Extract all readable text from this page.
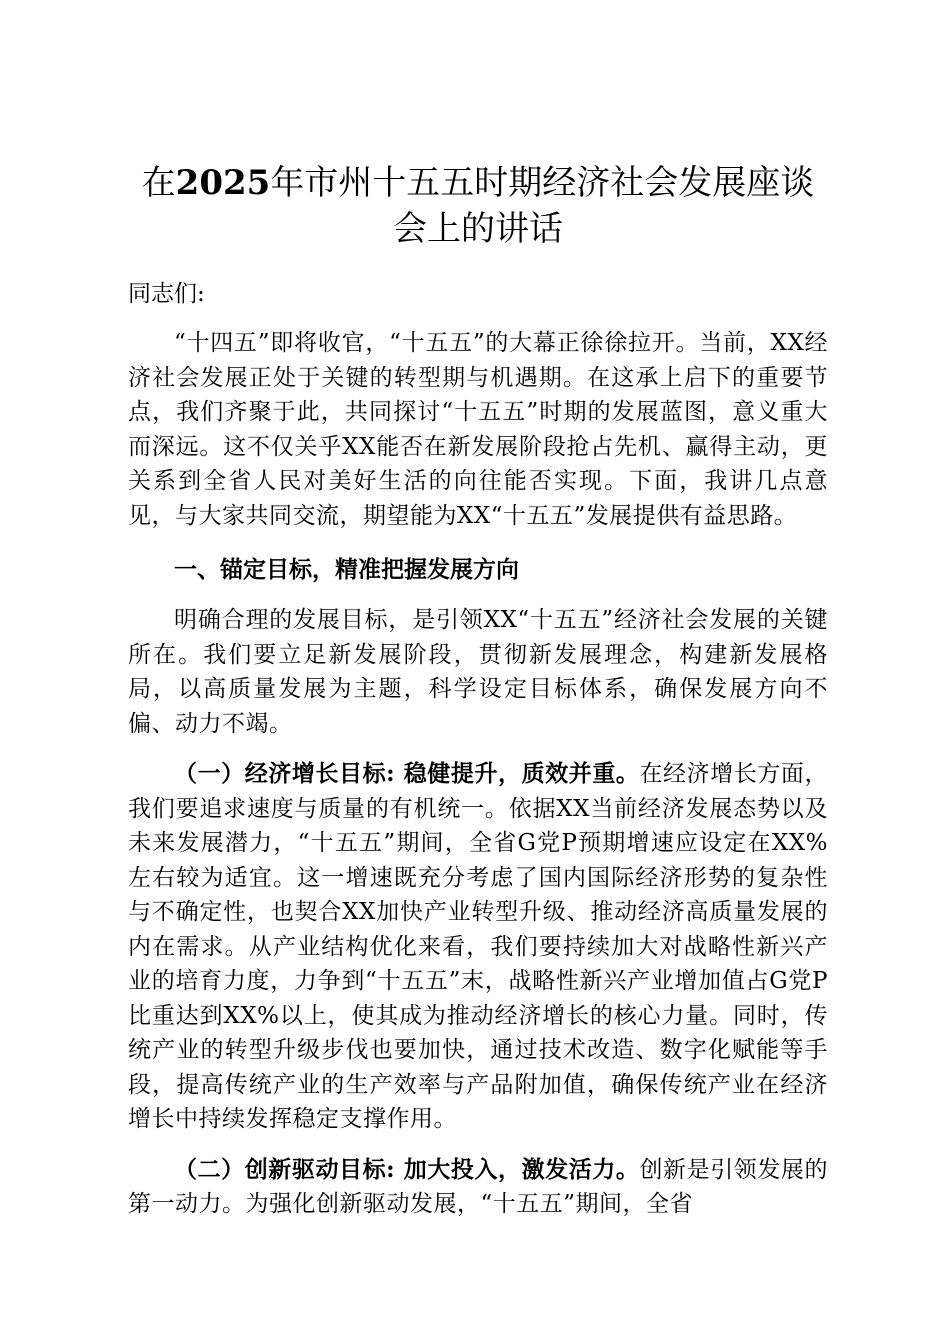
在2025年市州十五五时期经济社会发展座谈会上的讲话

同志们:

“十四五”即将收官，“十五五”的大幕正徐徐拉开。当前，XX经济社会发展正处于关键的转型期与机遇期。在这承上启下的重要节点，我们齐聚于此，共同探讨“十五五”时期的发展蓝图，意义重大而深远。这不仅关乎XX能否在新发展阶段抢占先机、赢得主动，更关系到全省人民对美好生活的向往能否实现。下面，我讲几点意见，与大家共同交流，期望能为XX“十五五”发展提供有益思路。

一、锚定目标，精准把握发展方向

明确合理的发展目标，是引领XX“十五五”经济社会发展的关键所在。我们要立足新发展阶段，贯彻新发展理念，构建新发展格局，以高质量发展为主题，科学设定目标体系，确保发展方向不偏、动力不竭。

（一）经济增长目标: 稳健提升，质效并重。在经济增长方面，我们要追求速度与质量的有机统一。依据XX当前经济发展态势以及未来发展潜力，“十五五”期间，全省G党P预期增速应设定在XX%左右较为适宜。这一增速既充分考虑了国内国际经济形势的复杂性与不确定性，也契合XX加快产业转型升级、推动经济高质量发展的内在需求。从产业结构优化来看，我们要持续加大对战略性新兴产业的培育力度，力争到“十五五”末，战略性新兴产业增加值占G党P比重达到XX%以上，使其成为推动经济增长的核心力量。同时，传统产业的转型升级步伐也要加快，通过技术改造、数字化赋能等手段，提高传统产业的生产效率与产品附加值，确保传统产业在经济增长中持续发挥稳定支撑作用。

（二）创新驱动目标: 加大投入，激发活力。创新是引领发展的第一动力。为强化创新驱动发展，“十五五”期间，全省
